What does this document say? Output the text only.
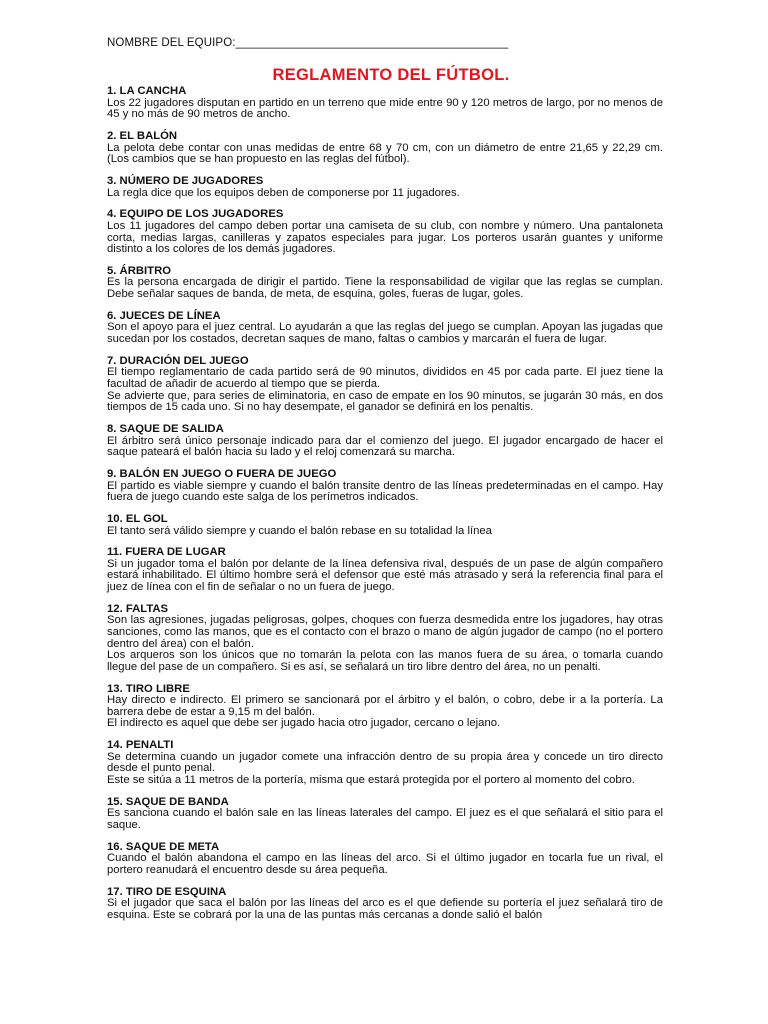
NOMBRE DEL EQUIPO:__________________________________________
REGLAMENTO DEL FÚTBOL.
1. LA CANCHA

Los 22 jugadores disputan en partido en un terreno que mide entre 90 y 120 metros de largo, por no menos de 45 y no más de 90 metros de ancho.

2. EL BALÓN

La pelota debe contar con unas medidas de entre 68 y 70 cm, con un diámetro de entre 21,65 y 22,29 cm. (Los cambios que se han propuesto en las reglas del fútbol).

3. NÚMERO DE JUGADORES

La regla dice que los equipos deben de componerse por 11 jugadores.

4. EQUIPO DE LOS JUGADORES

Los 11 jugadores del campo deben portar una camiseta de su club, con nombre y número. Una pantaloneta corta, medias largas, canilleras y zapatos especiales para jugar. Los porteros usarán guantes y uniforme distinto a los colores de los demás jugadores.

5. ÁRBITRO

Es la persona encargada de dirigir el partido. Tiene la responsabilidad de vigilar que las reglas se cumplan. Debe señalar saques de banda, de meta, de esquina, goles, fueras de lugar, goles.

6. JUECES DE LÍNEA

Son el apoyo para el juez central. Lo ayudarán a que las reglas del juego se cumplan. Apoyan las jugadas que sucedan por los costados, decretan saques de mano, faltas o cambios y marcarán el fuera de lugar.

7. DURACIÓN DEL JUEGO

El tiempo reglamentario de cada partido será de 90 minutos, divididos en 45 por cada parte. El juez tiene la facultad de añadir de acuerdo al tiempo que se pierda.

Se advierte que, para series de eliminatoria, en caso de empate en los 90 minutos, se jugarán 30 más, en dos tiempos de 15 cada uno. Si no hay desempate, el ganador se definirá en los penaltis.

8. SAQUE DE SALIDA

El árbitro será único personaje indicado para dar el comienzo del juego. El jugador encargado de hacer el saque pateará el balón hacia su lado y el reloj comenzará su marcha.

9. BALÓN EN JUEGO O FUERA DE JUEGO

El partido es viable siempre y cuando el balón transite dentro de las líneas predeterminadas en el campo. Hay fuera de juego cuando este salga de los perímetros indicados.

10. EL GOL

El tanto será válido siempre y cuando el balón rebase en su totalidad la línea

11. FUERA DE LUGAR

Si un jugador toma el balón por delante de la línea defensiva rival, después de un pase de algún compañero estará inhabilitado. El último hombre será el defensor que esté más atrasado y será la referencia final para el juez de línea con el fin de señalar o no un fuera de juego.

12. FALTAS

Son las agresiones, jugadas peligrosas, golpes, choques con fuerza desmedida entre los jugadores, hay otras sanciones, como las manos, que es el contacto con el brazo o mano de algún jugador de campo (no el portero dentro del área) con el balón.

Los arqueros son los únicos que no tomarán la pelota con las manos fuera de su área, o tomarla cuando llegue del pase de un compañero. Si es así, se señalará un tiro libre dentro del área, no un penalti.

13. TIRO LIBRE

Hay directo e indirecto. El primero se sancionará por el árbitro y el balón, o cobro, debe ir a la portería. La barrera debe de estar a 9,15 m del balón.

El indirecto es aquel que debe ser jugado hacia otro jugador, cercano o lejano.

14. PENALTI

Se determina cuando un jugador comete una infracción dentro de su propia área y concede un tiro directo desde el punto penal.

Este se sitúa a 11 metros de la portería, misma que estará protegida por el portero al momento del cobro.

15. SAQUE DE BANDA

Es sanciona cuando el balón sale en las líneas laterales del campo. El juez es el que señalará el sitio para el saque.

16. SAQUE DE META

Cuando el balón abandona el campo en las líneas del arco. Si el último jugador en tocarla fue un rival, el portero reanudará el encuentro desde su área pequeña.

17. TIRO DE ESQUINA

Si el jugador que saca el balón por las líneas del arco es el que defiende su portería el juez señalará tiro de esquina. Este se cobrará por la una de las puntas más cercanas a donde salió el balón
